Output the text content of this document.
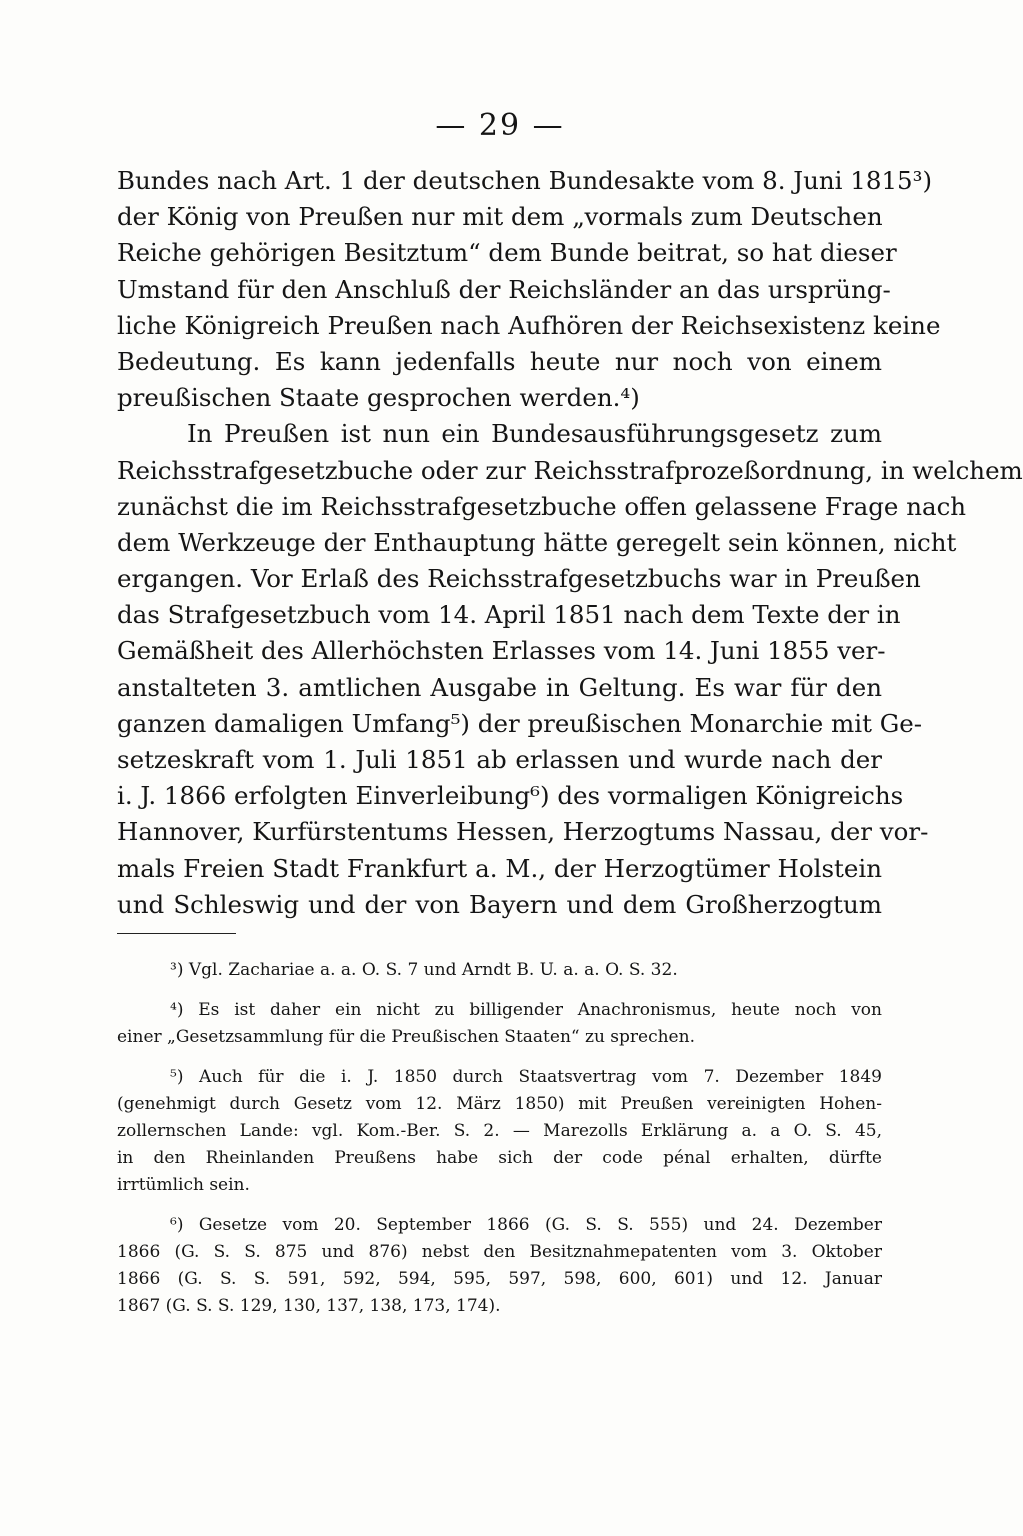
— 29 —
Bundes nach Art. 1 der deutschen Bundesakte vom 8. Juni 1815³)
der König von Preußen nur mit dem „vormals zum Deutschen
Reiche gehörigen Besitztum“ dem Bunde beitrat, so hat dieser
Umstand für den Anschluß der Reichsländer an das ursprüng-
liche Königreich Preußen nach Aufhören der Reichsexistenz keine
Bedeutung. Es kann jedenfalls heute nur noch von einem
preußischen Staate gesprochen werden.⁴)
In Preußen ist nun ein Bundesausführungsgesetz zum
Reichsstrafgesetzbuche oder zur Reichsstrafprozeßordnung, in welchem
zunächst die im Reichsstrafgesetzbuche offen gelassene Frage nach
dem Werkzeuge der Enthauptung hätte geregelt sein können, nicht
ergangen. Vor Erlaß des Reichsstrafgesetzbuchs war in Preußen
das Strafgesetzbuch vom 14. April 1851 nach dem Texte der in
Gemäßheit des Allerhöchsten Erlasses vom 14. Juni 1855 ver-
anstalteten 3. amtlichen Ausgabe in Geltung. Es war für den
ganzen damaligen Umfang⁵) der preußischen Monarchie mit Ge-
setzeskraft vom 1. Juli 1851 ab erlassen und wurde nach der
i. J. 1866 erfolgten Einverleibung⁶) des vormaligen Königreichs
Hannover, Kurfürstentums Hessen, Herzogtums Nassau, der vor-
mals Freien Stadt Frankfurt a. M., der Herzogtümer Holstein
und Schleswig und der von Bayern und dem Großherzogtum
³) Vgl. Zachariae a. a. O. S. 7 und Arndt B. U. a. a. O. S. 32.
⁴) Es ist daher ein nicht zu billigender Anachronismus, heute noch von
einer „Gesetzsammlung für die Preußischen Staaten“ zu sprechen.
⁵) Auch für die i. J. 1850 durch Staatsvertrag vom 7. Dezember 1849
(genehmigt durch Gesetz vom 12. März 1850) mit Preußen vereinigten Hohen-
zollernschen Lande: vgl. Kom.-Ber. S. 2. — Marezolls Erklärung a. a O. S. 45,
in den Rheinlanden Preußens habe sich der code pénal erhalten, dürfte
irrtümlich sein.
⁶) Gesetze vom 20. September 1866 (G. S. S. 555) und 24. Dezember
1866 (G. S. S. 875 und 876) nebst den Besitznahmepatenten vom 3. Oktober
1866 (G. S. S. 591, 592, 594, 595, 597, 598, 600, 601) und 12. Januar
1867 (G. S. S. 129, 130, 137, 138, 173, 174).
